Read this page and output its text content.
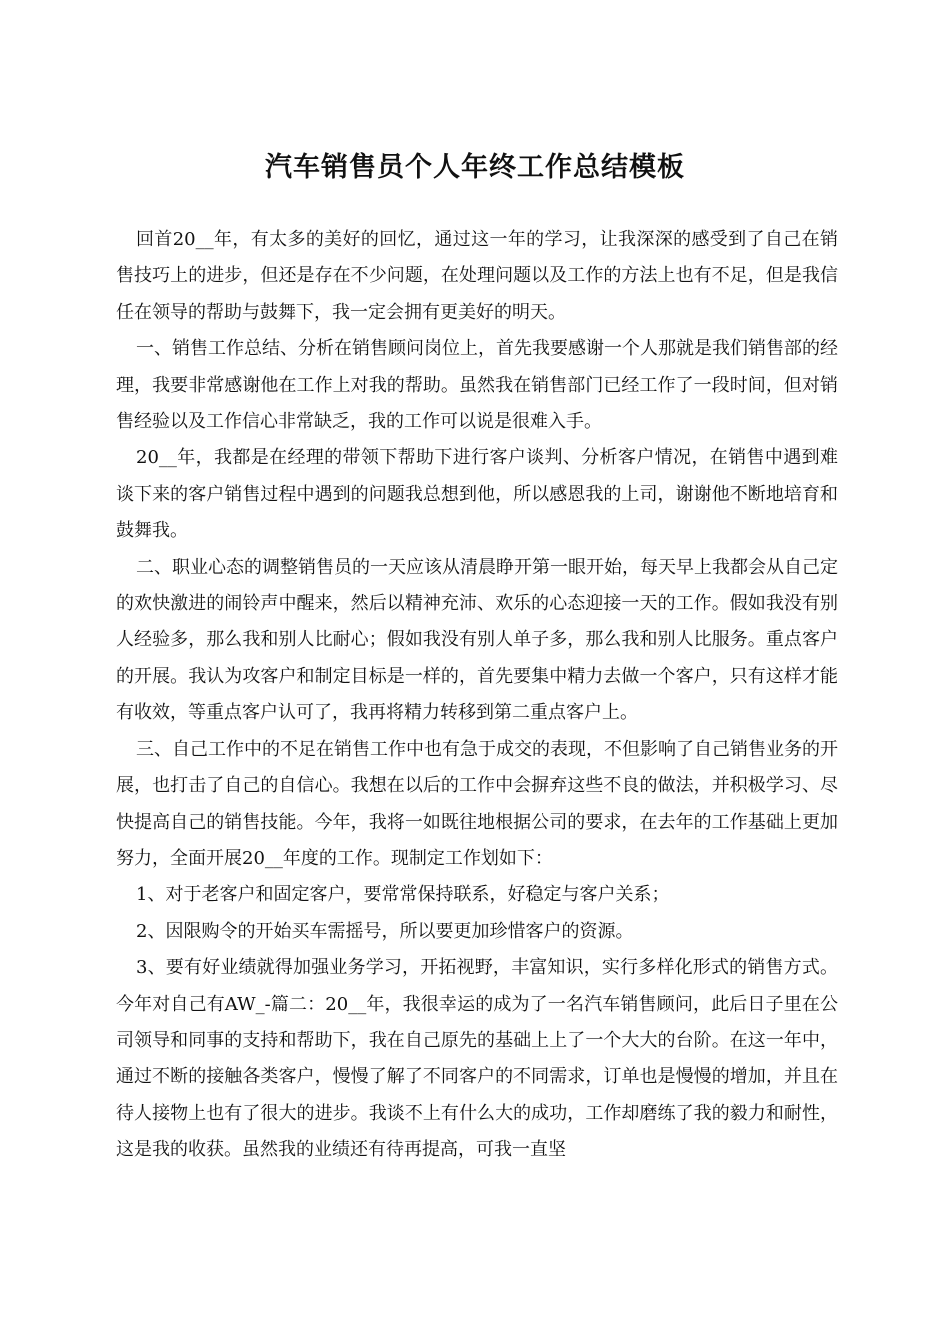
汽车销售员个人年终工作总结模板

回首20__年，有太多的美好的回忆，通过这一年的学习，让我深深的感受到了自己在销售技巧上的进步，但还是存在不少问题，在处理问题以及工作的方法上也有不足，但是我信任在领导的帮助与鼓舞下，我一定会拥有更美好的明天。

一、销售工作总结、分析在销售顾问岗位上，首先我要感谢一个人那就是我们销售部的经理，我要非常感谢他在工作上对我的帮助。虽然我在销售部门已经工作了一段时间，但对销售经验以及工作信心非常缺乏，我的工作可以说是很难入手。

20__年，我都是在经理的带领下帮助下进行客户谈判、分析客户情况，在销售中遇到难谈下来的客户销售过程中遇到的问题我总想到他，所以感恩我的上司，谢谢他不断地培育和鼓舞我。

二、职业心态的调整销售员的一天应该从清晨睁开第一眼开始，每天早上我都会从自己定的欢快激进的闹铃声中醒来，然后以精神充沛、欢乐的心态迎接一天的工作。假如我没有别人经验多，那么我和别人比耐心；假如我没有别人单子多，那么我和别人比服务。重点客户的开展。我认为攻客户和制定目标是一样的，首先要集中精力去做一个客户，只有这样才能有收效，等重点客户认可了，我再将精力转移到第二重点客户上。

三、自己工作中的不足在销售工作中也有急于成交的表现，不但影响了自己销售业务的开展，也打击了自己的自信心。我想在以后的工作中会摒弃这些不良的做法，并积极学习、尽快提高自己的销售技能。今年，我将一如既往地根据公司的要求，在去年的工作基础上更加努力，全面开展20__年度的工作。现制定工作划如下：

1、对于老客户和固定客户，要常常保持联系，好稳定与客户关系；

2、因限购令的开始买车需摇号，所以要更加珍惜客户的资源。

3、要有好业绩就得加强业务学习，开拓视野，丰富知识，实行多样化形式的销售方式。今年对自己有AW_-篇二：20__年，我很幸运的成为了一名汽车销售顾问，此后日子里在公司领导和同事的支持和帮助下，我在自己原先的基础上上了一个大大的台阶。在这一年中，通过不断的接触各类客户，慢慢了解了不同客户的不同需求，订单也是慢慢的增加，并且在待人接物上也有了很大的进步。我谈不上有什么大的成功，工作却磨练了我的毅力和耐性，这是我的收获。虽然我的业绩还有待再提高，可我一直坚
